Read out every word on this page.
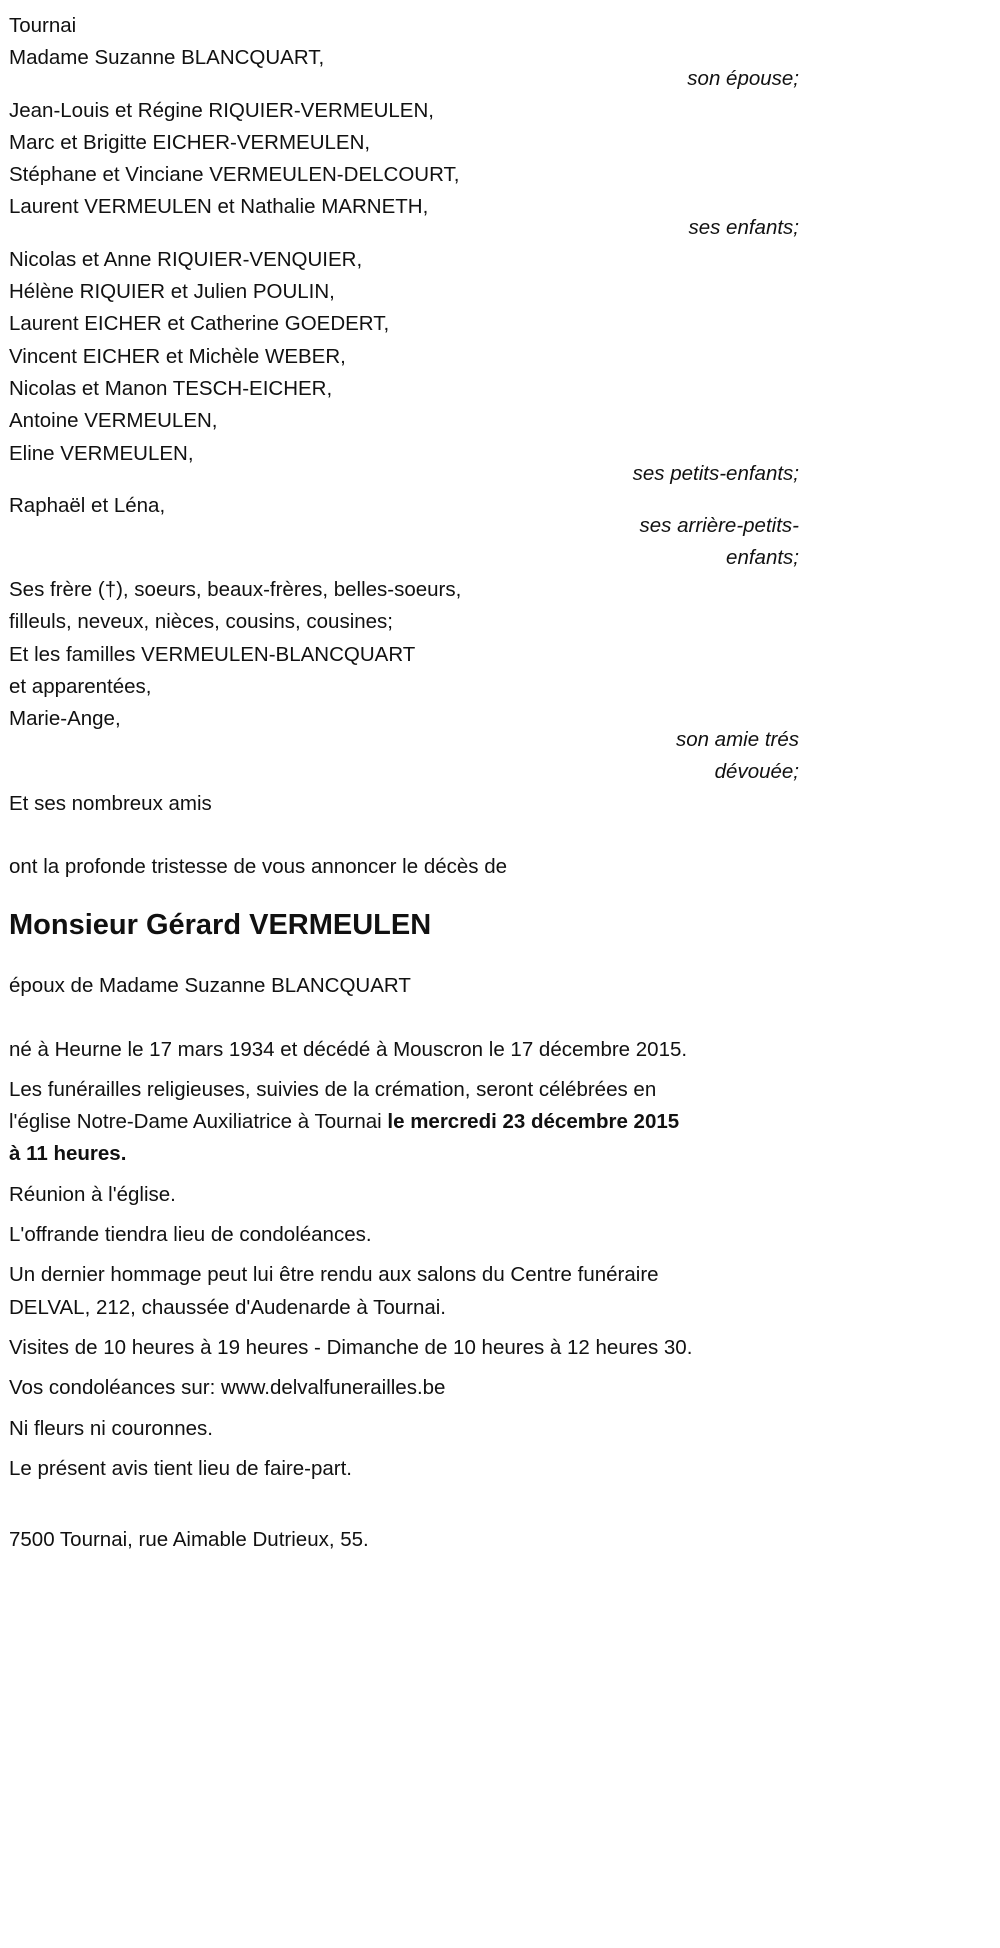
Tournai
Madame Suzanne BLANCQUART,
son épouse;
Jean-Louis et Régine RIQUIER-VERMEULEN,
Marc et Brigitte EICHER-VERMEULEN,
Stéphane et Vinciane VERMEULEN-DELCOURT,
Laurent VERMEULEN et Nathalie MARNETH,
ses enfants;
Nicolas et Anne RIQUIER-VENQUIER,
Hélène RIQUIER et Julien POULIN,
Laurent EICHER et Catherine GOEDERT,
Vincent EICHER et Michèle WEBER,
Nicolas et Manon TESCH-EICHER,
Antoine VERMEULEN,
Eline VERMEULEN,
ses petits-enfants;
Raphaël et Léna,
ses arrière-petits-
enfants;
Ses frère (†), soeurs, beaux-frères, belles-soeurs,
filleuls, neveux, nièces, cousins, cousines;
Et les familles VERMEULEN-BLANCQUART
et apparentées,
Marie-Ange,
son amie trés
dévouée;
Et ses nombreux amis
ont la profonde tristesse de vous annoncer le décès de
Monsieur Gérard VERMEULEN
époux de Madame Suzanne BLANCQUART
né à Heurne le 17 mars 1934 et décédé à Mouscron le 17 décembre 2015.
Les funérailles religieuses, suivies de la crémation, seront célébrées en
l'église Notre-Dame Auxiliatrice à Tournai le mercredi 23 décembre 2015
à 11 heures.
Réunion à l'église.
L'offrande tiendra lieu de condoléances.
Un dernier hommage peut lui être rendu aux salons du Centre funéraire
DELVAL, 212, chaussée d'Audenarde à Tournai.
Visites de 10 heures à 19 heures - Dimanche de 10 heures à 12 heures 30.
Vos condoléances sur: www.delvalfunerailles.be
Ni fleurs ni couronnes.
Le présent avis tient lieu de faire-part.
7500 Tournai, rue Aimable Dutrieux, 55.
